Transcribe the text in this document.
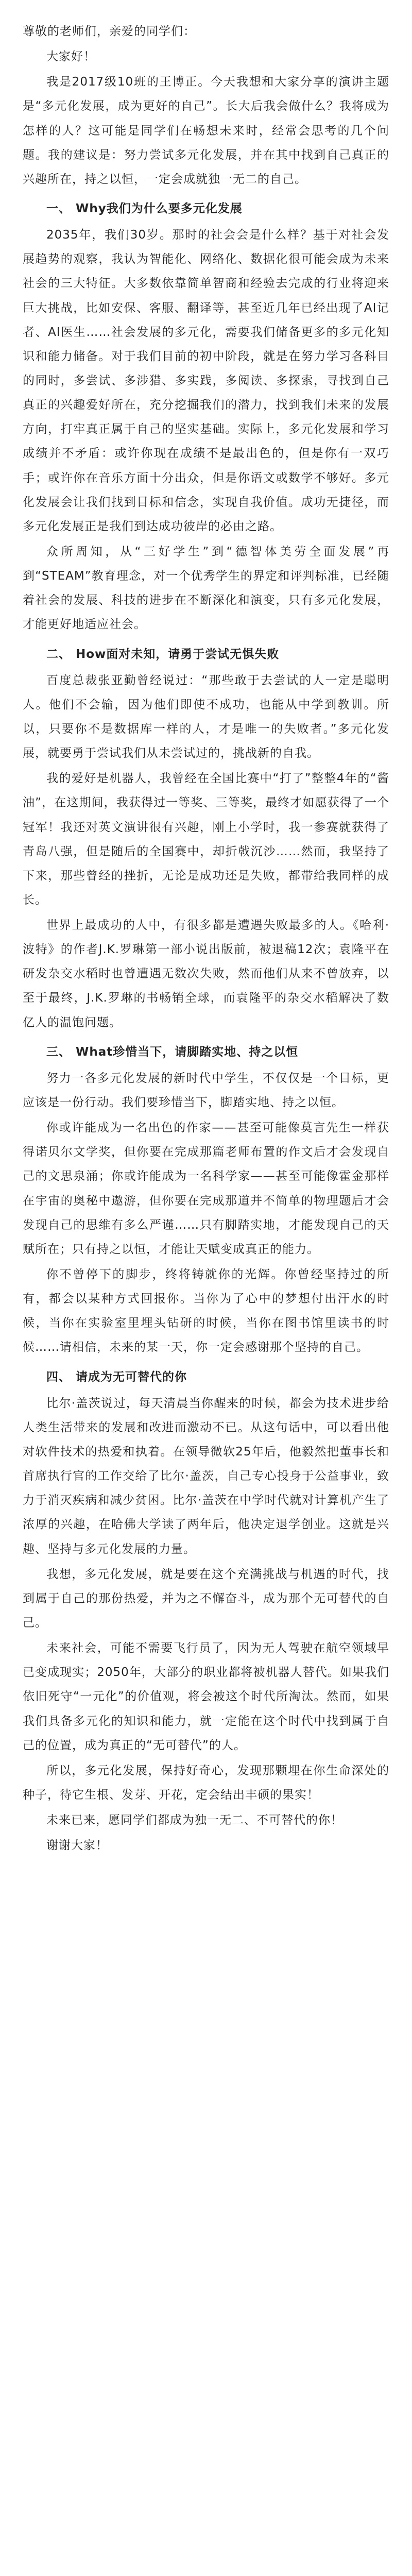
尊敬的老师们，亲爱的同学们：

大家好！

我是2017级10班的王博正。今天我想和大家分享的演讲主题是“多元化发展，成为更好的自己”。长大后我会做什么？我将成为怎样的人？这可能是同学们在畅想未来时，经常会思考的几个问题。我的建议是：努力尝试多元化发展，并在其中找到自己真正的兴趣所在，持之以恒，一定会成就独一无二的自己。

一、 Why我们为什么要多元化发展

2035年，我们30岁。那时的社会会是什么样？基于对社会发展趋势的观察，我认为智能化、网络化、数据化很可能会成为未来社会的三大特征。大多数依靠简单智商和经验去完成的行业将迎来巨大挑战，比如安保、客服、翻译等，甚至近几年已经出现了AI记者、AI医生……社会发展的多元化，需要我们储备更多的多元化知识和能力储备。对于我们目前的初中阶段，就是在努力学习各科目的同时，多尝试、多涉猎、多实践，多阅读、多探索，寻找到自己真正的兴趣爱好所在，充分挖掘我们的潜力，找到我们未来的发展方向，打牢真正属于自己的坚实基础。实际上，多元化发展和学习成绩并不矛盾：或许你现在成绩不是最出色的，但是你有一双巧手；或许你在音乐方面十分出众，但是你语文或数学不够好。多元化发展会让我们找到目标和信念，实现自我价值。成功无捷径，而多元化发展正是我们到达成功彼岸的必由之路。

众所周知，从“三好学生”到“德智体美劳全面发展”再到“STEAM”教育理念，对一个优秀学生的界定和评判标准，已经随着社会的发展、科技的进步在不断深化和演变，只有多元化发展，才能更好地适应社会。

二、 How面对未知，请勇于尝试无惧失败

百度总裁张亚勤曾经说过：“那些敢于去尝试的人一定是聪明人。他们不会输，因为他们即使不成功，也能从中学到教训。所以，只要你不是数据库一样的人，才是唯一的失败者。”多元化发展，就要勇于尝试我们从未尝试过的，挑战新的自我。

我的爱好是机器人，我曾经在全国比赛中“打了”整整4年的“酱油”，在这期间，我获得过一等奖、三等奖，最终才如愿获得了一个冠军！我还对英文演讲很有兴趣，刚上小学时，我一参赛就获得了青岛八强，但是随后的全国赛中，却折戟沉沙……然而，我坚持了下来，那些曾经的挫折，无论是成功还是失败，都带给我同样的成长。

世界上最成功的人中，有很多都是遭遇失败最多的人。《哈利·波特》的作者J.K.罗琳第一部小说出版前，被退稿12次；袁隆平在研发杂交水稻时也曾遭遇无数次失败，然而他们从来不曾放弃，以至于最终，J.K.罗琳的书畅销全球，而袁隆平的杂交水稻解决了数亿人的温饱问题。

三、 What珍惜当下，请脚踏实地、持之以恒

努力一各多元化发展的新时代中学生，不仅仅是一个目标，更应该是一份行动。我们要珍惜当下，脚踏实地、持之以恒。

你或许能成为一名出色的作家——甚至可能像莫言先生一样获得诺贝尔文学奖，但你要在完成那篇老师布置的作文后才会发现自己的文思泉涌；你或许能成为一名科学家——甚至可能像霍金那样在宇宙的奥秘中遨游，但你要在完成那道并不简单的物理题后才会发现自己的思维有多么严谨……只有脚踏实地，才能发现自己的天赋所在；只有持之以恒，才能让天赋变成真正的能力。

你不曾停下的脚步，终将铸就你的光辉。你曾经坚持过的所有，都会以某种方式回报你。当你为了心中的梦想付出汗水的时候，当你在实验室里埋头钻研的时候，当你在图书馆里读书的时候……请相信，未来的某一天，你一定会感谢那个坚持的自己。

四、 请成为无可替代的你

比尔·盖茨说过，每天清晨当你醒来的时候，都会为技术进步给人类生活带来的发展和改进而激动不已。从这句话中，可以看出他对软件技术的热爱和执着。在领导微软25年后，他毅然把董事长和首席执行官的工作交给了比尔·盖茨，自己专心投身于公益事业，致力于消灭疾病和减少贫困。比尔·盖茨在中学时代就对计算机产生了浓厚的兴趣，在哈佛大学读了两年后，他决定退学创业。这就是兴趣、坚持与多元化发展的力量。

我想，多元化发展，就是要在这个充满挑战与机遇的时代，找到属于自己的那份热爱，并为之不懈奋斗，成为那个无可替代的自己。

未来社会，可能不需要飞行员了，因为无人驾驶在航空领域早已变成现实；2050年，大部分的职业都将被机器人替代。如果我们依旧死守“一元化”的价值观，将会被这个时代所淘汰。然而，如果我们具备多元化的知识和能力，就一定能在这个时代中找到属于自己的位置，成为真正的“无可替代”的人。

所以，多元化发展，保持好奇心，发现那颗埋在你生命深处的种子，待它生根、发芽、开花，定会结出丰硕的果实！

未来已来，愿同学们都成为独一无二、不可替代的你！

谢谢大家！
